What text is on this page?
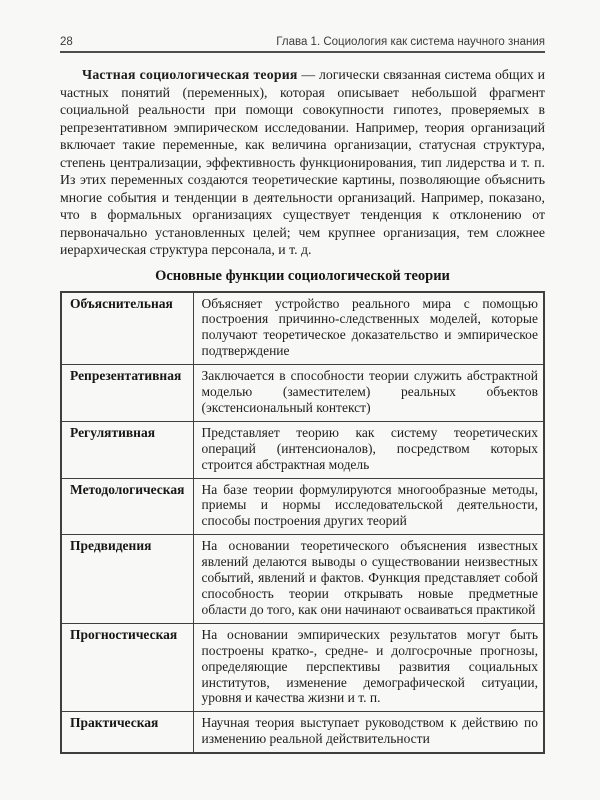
28	Глава 1. Социология как система научного знания

Частная социологическая теория — логически связанная система общих и частных понятий (переменных), которая описывает небольшой фрагмент социальной реальности при помощи совокупности гипотез, проверяемых в репрезентативном эмпирическом исследовании. Например, теория организаций включает такие переменные, как величина организации, статусная структура, степень централизации, эффективность функционирования, тип лидерства и т. п. Из этих переменных создаются теоретические картины, позволяющие объяснить многие события и тенденции в деятельности организаций. Например, показано, что в формальных организациях существует тенденция к отклонению от первоначально установленных целей; чем крупнее организация, тем сложнее иерархическая структура персонала, и т. д.

Основные функции социологической теории
Объяснительная	Объясняет устройство реального мира с помощью построения причинно-следственных моделей, которые получают теоретическое доказательство и эмпирическое подтверждение
Репрезентативная	Заключается в способности теории служить абстрактной моделью (заместителем) реальных объектов (экстенсиональный контекст)
Регулятивная	Представляет теорию как систему теоретических операций (интенсионалов), посредством которых строится абстрактная модель
Методологическая	На базе теории формулируются многообразные методы, приемы и нормы исследовательской деятельности, способы построения других теорий
Предвидения	На основании теоретического объяснения известных явлений делаются выводы о существовании неизвестных событий, явлений и фактов. Функция представляет собой способность теории открывать новые предметные области до того, как они начинают осваиваться практикой
Прогностическая	На основании эмпирических результатов могут быть построены кратко-, средне- и долгосрочные прогнозы, определяющие перспективы развития социальных институтов, изменение демографической ситуации, уровня и качества жизни и т. п.
Практическая	Научная теория выступает руководством к действию по изменению реальной действительности
